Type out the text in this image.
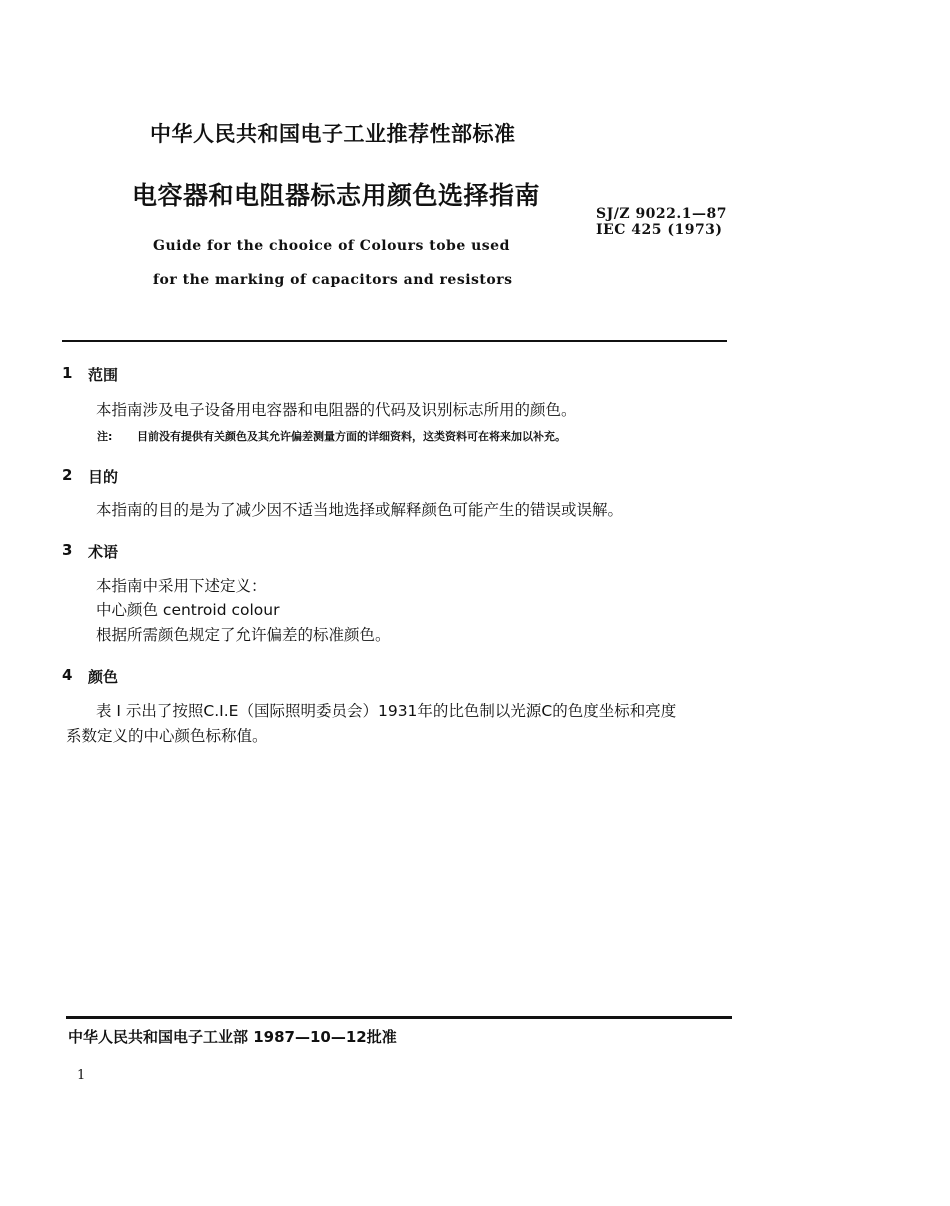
中华人民共和国电子工业推荐性部标准
电容器和电阻器标志用颜色选择指南
SJ/Z 9022.1—87
IEC 425 (1973)
Guide for the chooice of Colours tobe used
for the marking of capacitors and resistors
1 范围
本指南涉及电子设备用电容器和电阻器的代码及识别标志所用的颜色。
注: 目前没有提供有关颜色及其允许偏差测量方面的详细资料，这类资料可在将来加以补充。
2 目的
本指南的目的是为了减少因不适当地选择或解释颜色可能产生的错误或误解。
3 术语
本指南中采用下述定义：
中心颜色 centroid colour
根据所需颜色规定了允许偏差的标准颜色。
4 颜色
表 I 示出了按照C.I.E（国际照明委员会）1931年的比色制以光源C的色度坐标和亮度
系数定义的中心颜色标称值。
中华人民共和国电子工业部 1987—10—12批准
1
